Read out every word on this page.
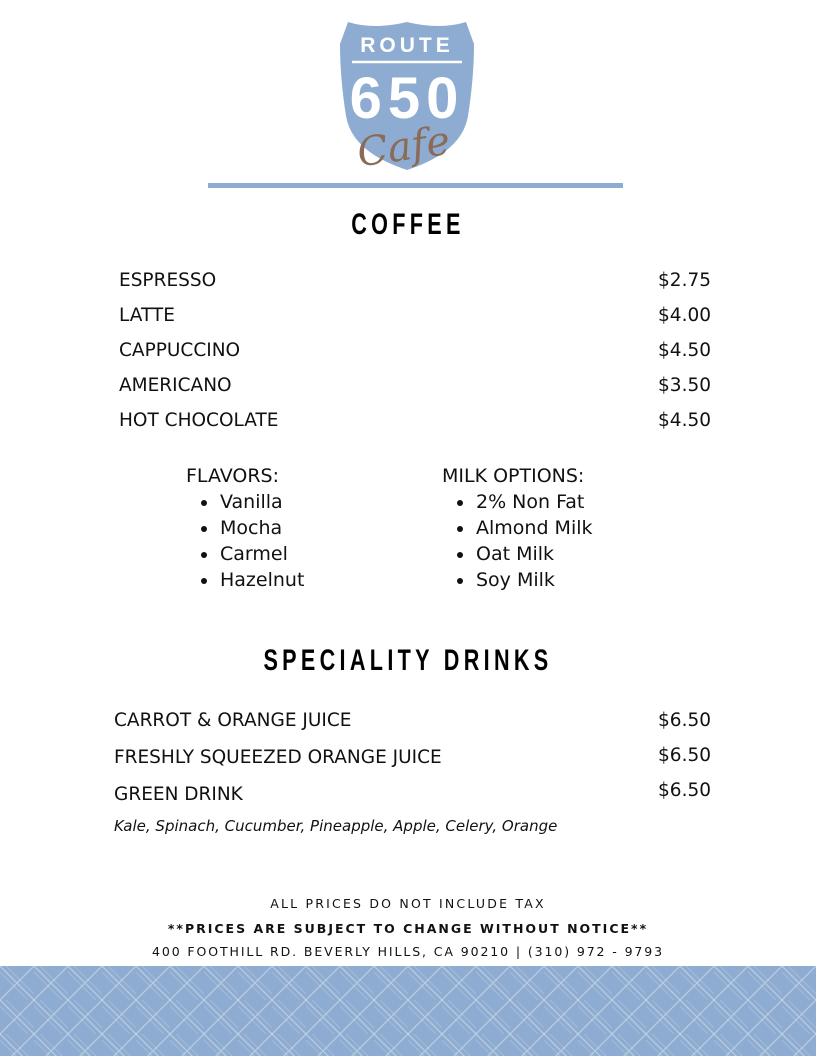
ROUTE
650
Cafe
COFFEE
ESPRESSO	$2.75
LATTE	$4.00
CAPPUCCINO	$4.50
AMERICANO	$3.50
HOT CHOCOLATE	$4.50
FLAVORS:
Vanilla
Mocha
Carmel
Hazelnut
MILK OPTIONS:
2% Non Fat
Almond Milk
Oat Milk
Soy Milk
SPECIALITY DRINKS
CARROT & ORANGE JUICE	$6.50
FRESHLY SQUEEZED ORANGE JUICE	$6.50
GREEN DRINK	$6.50
Kale, Spinach, Cucumber, Pineapple, Apple, Celery, Orange
ALL PRICES DO NOT INCLUDE TAX
**PRICES ARE SUBJECT TO CHANGE WITHOUT NOTICE**
400 FOOTHILL RD. BEVERLY HILLS, CA 90210 | (310) 972 - 9793
